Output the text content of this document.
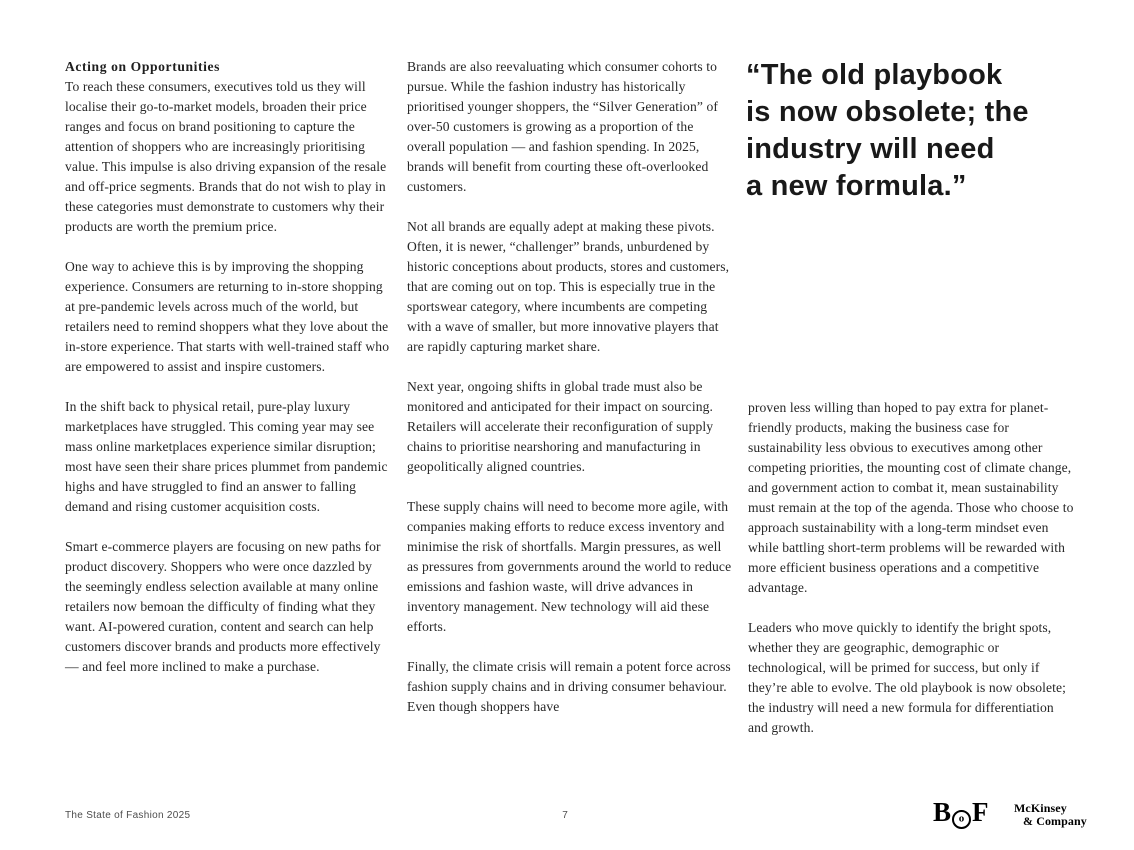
Acting on Opportunities

To reach these consumers, executives told us they will localise their go-to-market models, broaden their price ranges and focus on brand positioning to capture the attention of shoppers who are increasingly prioritising value. This impulse is also driving expansion of the resale and off-price segments. Brands that do not wish to play in these categories must demonstrate to customers why their products are worth the premium price.

One way to achieve this is by improving the shopping experience. Consumers are returning to in-store shopping at pre-pandemic levels across much of the world, but retailers need to remind shoppers what they love about the in-store experience. That starts with well-trained staff who are empowered to assist and inspire customers.

In the shift back to physical retail, pure-play luxury marketplaces have struggled. This coming year may see mass online marketplaces experience similar disruption; most have seen their share prices plummet from pandemic highs and have struggled to find an answer to falling demand and rising customer acquisition costs.

Smart e-commerce players are focusing on new paths for product discovery. Shoppers who were once dazzled by the seemingly endless selection available at many online retailers now bemoan the difficulty of finding what they want. AI-powered curation, content and search can help customers discover brands and products more effectively — and feel more inclined to make a purchase.

Brands are also reevaluating which consumer cohorts to pursue. While the fashion industry has historically prioritised younger shoppers, the “Silver Generation” of over-50 customers is growing as a proportion of the overall population — and fashion spending. In 2025, brands will benefit from courting these oft-overlooked customers.

Not all brands are equally adept at making these pivots. Often, it is newer, “challenger” brands, unburdened by historic conceptions about products, stores and customers, that are coming out on top. This is especially true in the sportswear category, where incumbents are competing with a wave of smaller, but more innovative players that are rapidly capturing market share.

Next year, ongoing shifts in global trade must also be monitored and anticipated for their impact on sourcing. Retailers will accelerate their reconfiguration of supply chains to prioritise nearshoring and manufacturing in geopolitically aligned countries.

These supply chains will need to become more agile, with companies making efforts to reduce excess inventory and minimise the risk of shortfalls. Margin pressures, as well as pressures from governments around the world to reduce emissions and fashion waste, will drive advances in inventory management. New technology will aid these efforts.

Finally, the climate crisis will remain a potent force across fashion supply chains and in driving consumer behaviour. Even though shoppers have

“The old playbook
is now obsolete; the
industry will need
a new formula.”

proven less willing than hoped to pay extra for planet-friendly products, making the business case for sustainability less obvious to executives among other competing priorities, the mounting cost of climate change, and government action to combat it, mean sustainability must remain at the top of the agenda. Those who choose to approach sustainability with a long-term mindset even while battling short-term problems will be rewarded with more efficient business operations and a competitive advantage.

Leaders who move quickly to identify the bright spots, whether they are geographic, demographic or technological, will be primed for success, but only if they’re able to evolve. The old playbook is now obsolete; the industry will need a new formula for differentiation and growth.

The State of Fashion 2025	7	B o F McKinsey
& Company
